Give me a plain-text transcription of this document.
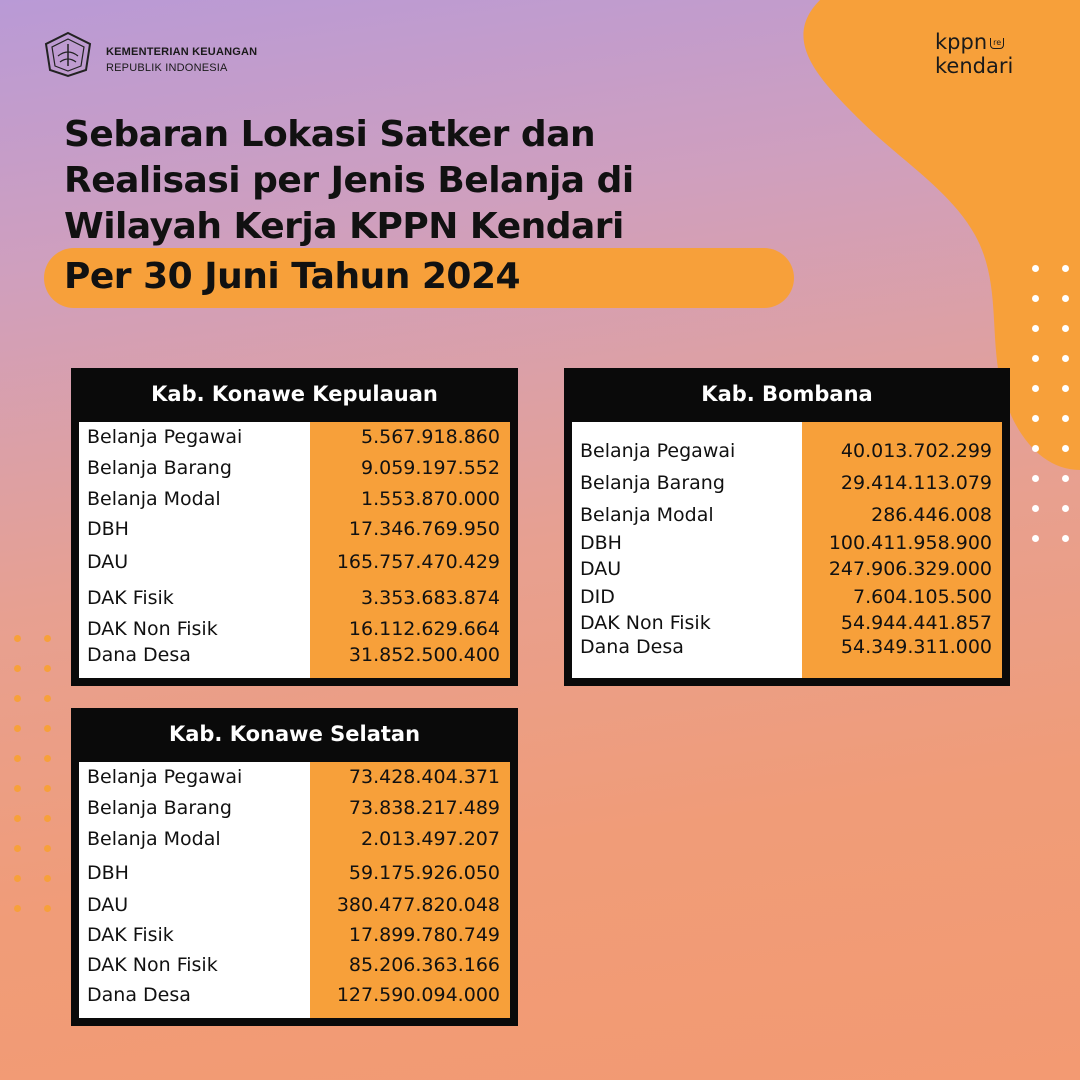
KEMENTERIAN KEUANGAN
REPUBLIK INDONESIA
kppn re
kendari
Sebaran Lokasi Satker dan
Realisasi per Jenis Belanja di
Wilayah Kerja KPPN Kendari
Per 30 Juni Tahun 2024
Kab. Konawe Kepulauan
Belanja Pegawai	5.567.918.860
Belanja Barang	9.059.197.552
Belanja Modal	1.553.870.000
DBH	17.346.769.950
DAU	165.757.470.429
DAK Fisik	3.353.683.874
DAK Non Fisik	16.112.629.664
Dana Desa	31.852.500.400
Kab. Bombana
Belanja Pegawai	40.013.702.299
Belanja Barang	29.414.113.079
Belanja Modal	286.446.008
DBH	100.411.958.900
DAU	247.906.329.000
DID	7.604.105.500
DAK Non Fisik	54.944.441.857
Dana Desa	54.349.311.000
Kab. Konawe Selatan
Belanja Pegawai	73.428.404.371
Belanja Barang	73.838.217.489
Belanja Modal	2.013.497.207
DBH	59.175.926.050
DAU	380.477.820.048
DAK Fisik	17.899.780.749
DAK Non Fisik	85.206.363.166
Dana Desa	127.590.094.000
